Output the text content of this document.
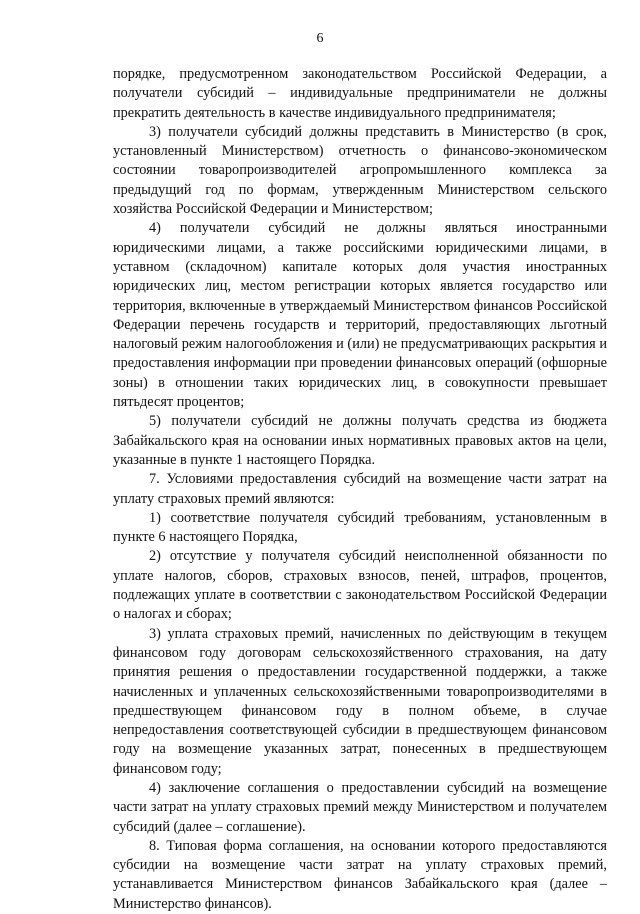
6

порядке, предусмотренном законодательством Российской Федерации, а получатели субсидий – индивидуальные предприниматели не должны прекратить деятельность в качестве индивидуального предпринимателя;

3) получатели субсидий должны представить в Министерство (в срок, установленный Министерством) отчетность о финансово-экономическом состоянии товаропроизводителей агропромышленного комплекса за предыдущий год по формам, утвержденным Министерством сельского хозяйства Российской Федерации и Министерством;

4) получатели субсидий не должны являться иностранными юридическими лицами, а также российскими юридическими лицами, в уставном (складочном) капитале которых доля участия иностранных юридических лиц, местом регистрации которых является государство или территория, включенные в утверждаемый Министерством финансов Российской Федерации перечень государств и территорий, предоставляющих льготный налоговый режим налогообложения и (или) не предусматривающих раскрытия и предоставления информации при проведении финансовых операций (офшорные зоны) в отношении таких юридических лиц, в совокупности превышает пятьдесят процентов;

5) получатели субсидий не должны получать средства из бюджета Забайкальского края на основании иных нормативных правовых актов на цели, указанные в пункте 1 настоящего Порядка.

7. Условиями предоставления субсидий на возмещение части затрат на уплату страховых премий являются:

1) соответствие получателя субсидий требованиям, установленным в пункте 6 настоящего Порядка,

2) отсутствие у получателя субсидий неисполненной обязанности по уплате налогов, сборов, страховых взносов, пеней, штрафов, процентов, подлежащих уплате в соответствии с законодательством Российской Федерации о налогах и сборах;

3) уплата страховых премий, начисленных по действующим в текущем финансовом году договорам сельскохозяйственного страхования, на дату принятия решения о предоставлении государственной поддержки, а также начисленных и уплаченных сельскохозяйственными товаропроизводителями в предшествующем финансовом году в полном объеме, в случае непредоставления соответствующей субсидии в предшествующем финансовом году на возмещение указанных затрат, понесенных в предшествующем финансовом году;

4) заключение соглашения о предоставлении субсидий на возмещение части затрат на уплату страховых премий между Министерством и получателем субсидий (далее – соглашение).

8. Типовая форма соглашения, на основании которого предоставляются субсидии на возмещение части затрат на уплату страховых премий, устанавливается Министерством финансов Забайкальского края (далее – Министерство финансов).
